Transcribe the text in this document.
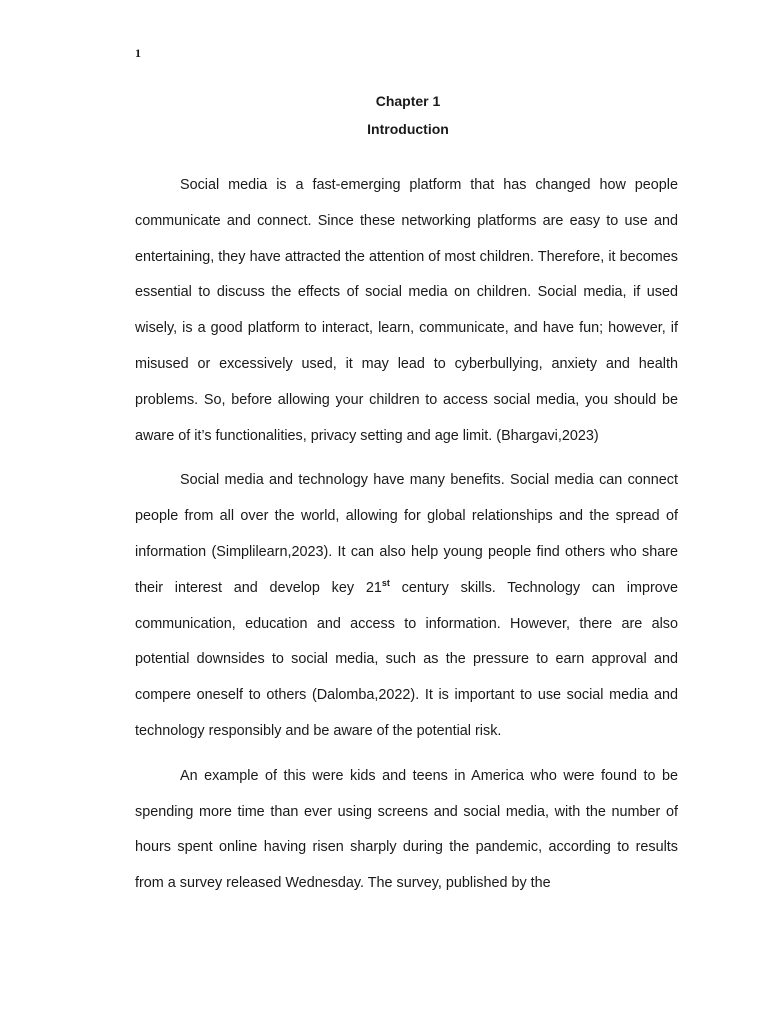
1
Chapter 1
Introduction

Social media is a fast-emerging platform that has changed how people communicate and connect. Since these networking platforms are easy to use and entertaining, they have attracted the attention of most children. Therefore, it becomes essential to discuss the effects of social media on children. Social media, if used wisely, is a good platform to interact, learn, communicate, and have fun; however, if misused or excessively used, it may lead to cyberbullying, anxiety and health problems. So, before allowing your children to access social media, you should be aware of it’s functionalities, privacy setting and age limit. (Bhargavi,2023)

Social media and technology have many benefits. Social media can connect people from all over the world, allowing for global relationships and the spread of information (Simplilearn,2023). It can also help young people find others who share their interest and develop key 21st century skills. Technology can improve communication, education and access to information. However, there are also potential downsides to social media, such as the pressure to earn approval and compere oneself to others (Dalomba,2022). It is important to use social media and technology responsibly and be aware of the potential risk.

An example of this were kids and teens in America who were found to be spending more time than ever using screens and social media, with the number of hours spent online having risen sharply during the pandemic, according to results from a survey released Wednesday. The survey, published by the
